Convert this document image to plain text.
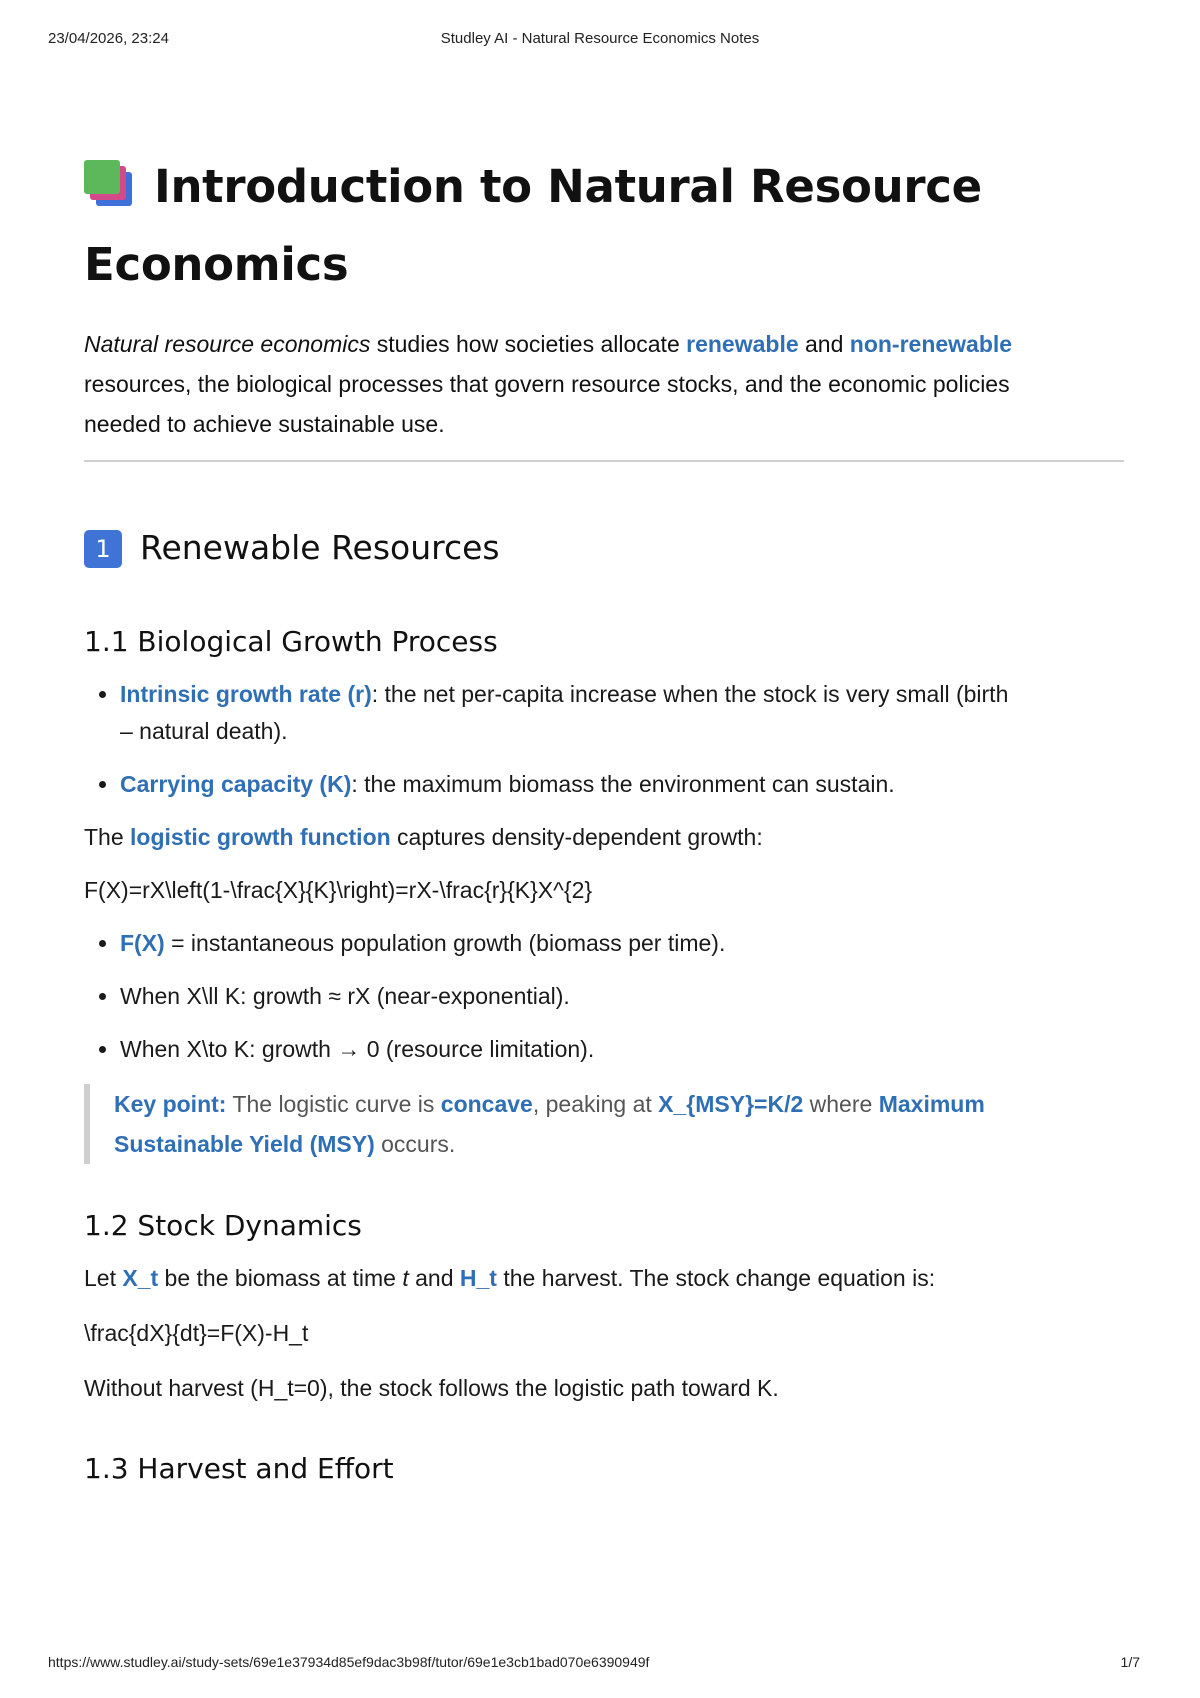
23/04/2026, 23:24	Studley AI - Natural Resource Economics Notes
Introduction to Natural Resource
Economics

Natural resource economics studies how societies allocate renewable and non-renewable resources, the biological processes that govern resource stocks, and the economic policies needed to achieve sustainable use.

1 Renewable Resources
1.1 Biological Growth Process
• Intrinsic growth rate (r): the net per-capita increase when the stock is very small (birth – natural death).
• Carrying capacity (K): the maximum biomass the environment can sustain.

The logistic growth function captures density-dependent growth:

F(X)=rX\left(1-\frac{X}{K}\right)=rX-\frac{r}{K}X^{2}

• F(X) = instantaneous population growth (biomass per time).
• When X\ll K: growth ≈ rX (near-exponential).
• When X\to K: growth → 0 (resource limitation).
Key point: The logistic curve is concave, peaking at X_{MSY}=K/2 where Maximum Sustainable Yield (MSY) occurs.
1.2 Stock Dynamics

Let X_t be the biomass at time t and H_t the harvest. The stock change equation is:

\frac{dX}{dt}=F(X)-H_t

Without harvest (H_t=0), the stock follows the logistic path toward K.

1.3 Harvest and Effort
https://www.studley.ai/study-sets/69e1e37934d85ef9dac3b98f/tutor/69e1e3cb1bad070e6390949f	1/7
